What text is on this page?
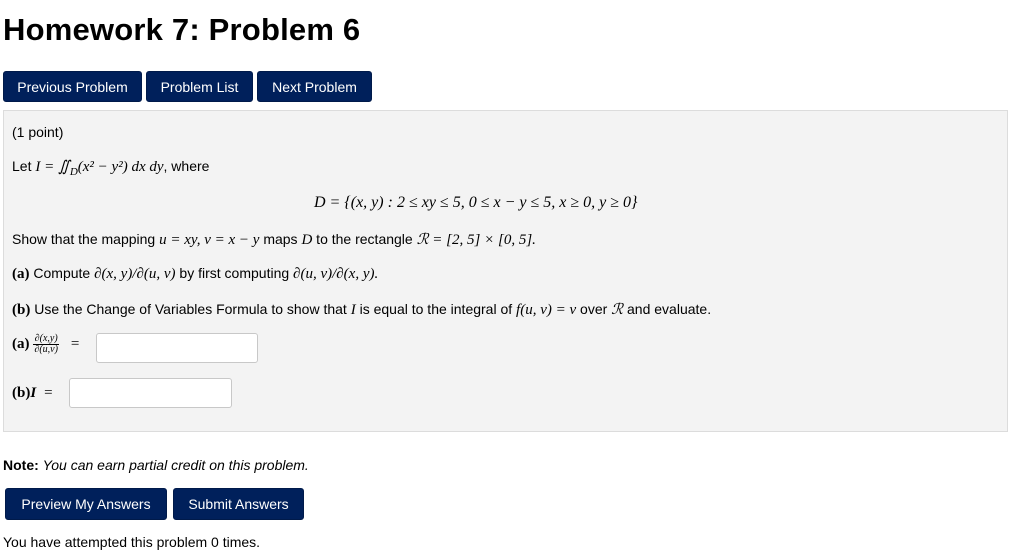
Homework 7: Problem 6
Previous Problem	Problem List	Next Problem
(1 point)
Let $I = ∬_D(x^2 - y^2)$ dx dy, where
D = {(x, y) : 2 ≤ xy ≤ 5, 0 ≤ x − y ≤ 5, x ≥ 0, y ≥ 0}
Show that the mapping u = xy, v = x − y maps D to the rectangle ℛ = [2, 5] × [0, 5].
(a) Compute ∂(x, y)/∂(u, v) by first computing ∂(u, v)/∂(x, y).
(b) Use the Change of Variables Formula to show that I is equal to the integral of f(u, v) = v over ℛ and evaluate.
$(a) \frac{\partial(x,y)}{\partial(u,v)}$ =
(b)I =
Note: You can earn partial credit on this problem.
Preview My Answers	Submit Answers
You have attempted this problem 0 times.
